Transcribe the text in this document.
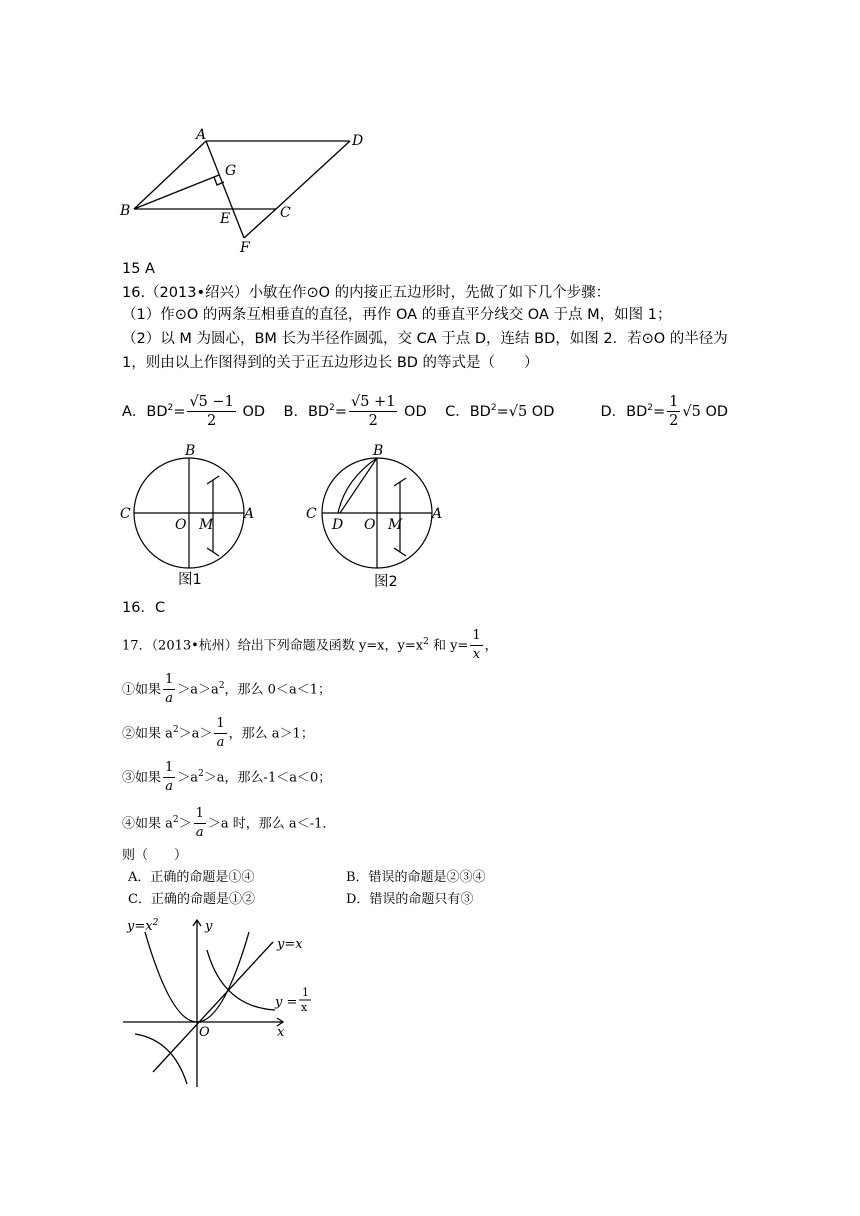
A	D
G
B	E	C
F
15 A
16.（2013•绍兴）小敏在作⊙O 的内接正五边形时，先做了如下几个步骤：
（1）作⊙O 的两条互相垂直的直径，再作 OA 的垂直平分线交 OA 于点 M，如图 1；
（2）以 M 为圆心，BM 长为半径作圆弧，交 CA 于点 D，连结 BD，如图 2．若⊙O 的半径为
1，则由以上作图得到的关于正五边形边长 BD 的等式是（　　）
A．$BD^2= \frac{√5 -1}{2}$ OD B．$BD^2= \frac{√5 +1}{2}$ OD C．$BD^2=√5$ OD	D．$BD^2= \frac{1}{2} √5$ OD
B
C
O M
A
图1
B
C
D O M
A
图2
16．C
17．（2013•杭州）给出下列命题及函数 y=x，$y=x^2$ 和 $y= \frac{1}{x}$ ，
①如果 $\frac{1}{a} >a>a^2$，那么 0＜a＜1；
②如果 $a^2>a> \frac{1}{a}$ ，那么 a＞1；
③如果 $\frac{1}{a} >a^2>a$，那么-1＜a＜0；
④如果 $a^2> \frac{1}{a} >a$ 时，那么 a＜-1．
则（　　）
A．正确的命题是①④	B．错误的命题是②③④
C．正确的命题是①②	D．错误的命题只有③
$y=x^2$	y
y=x
y =
1
x
x
O
